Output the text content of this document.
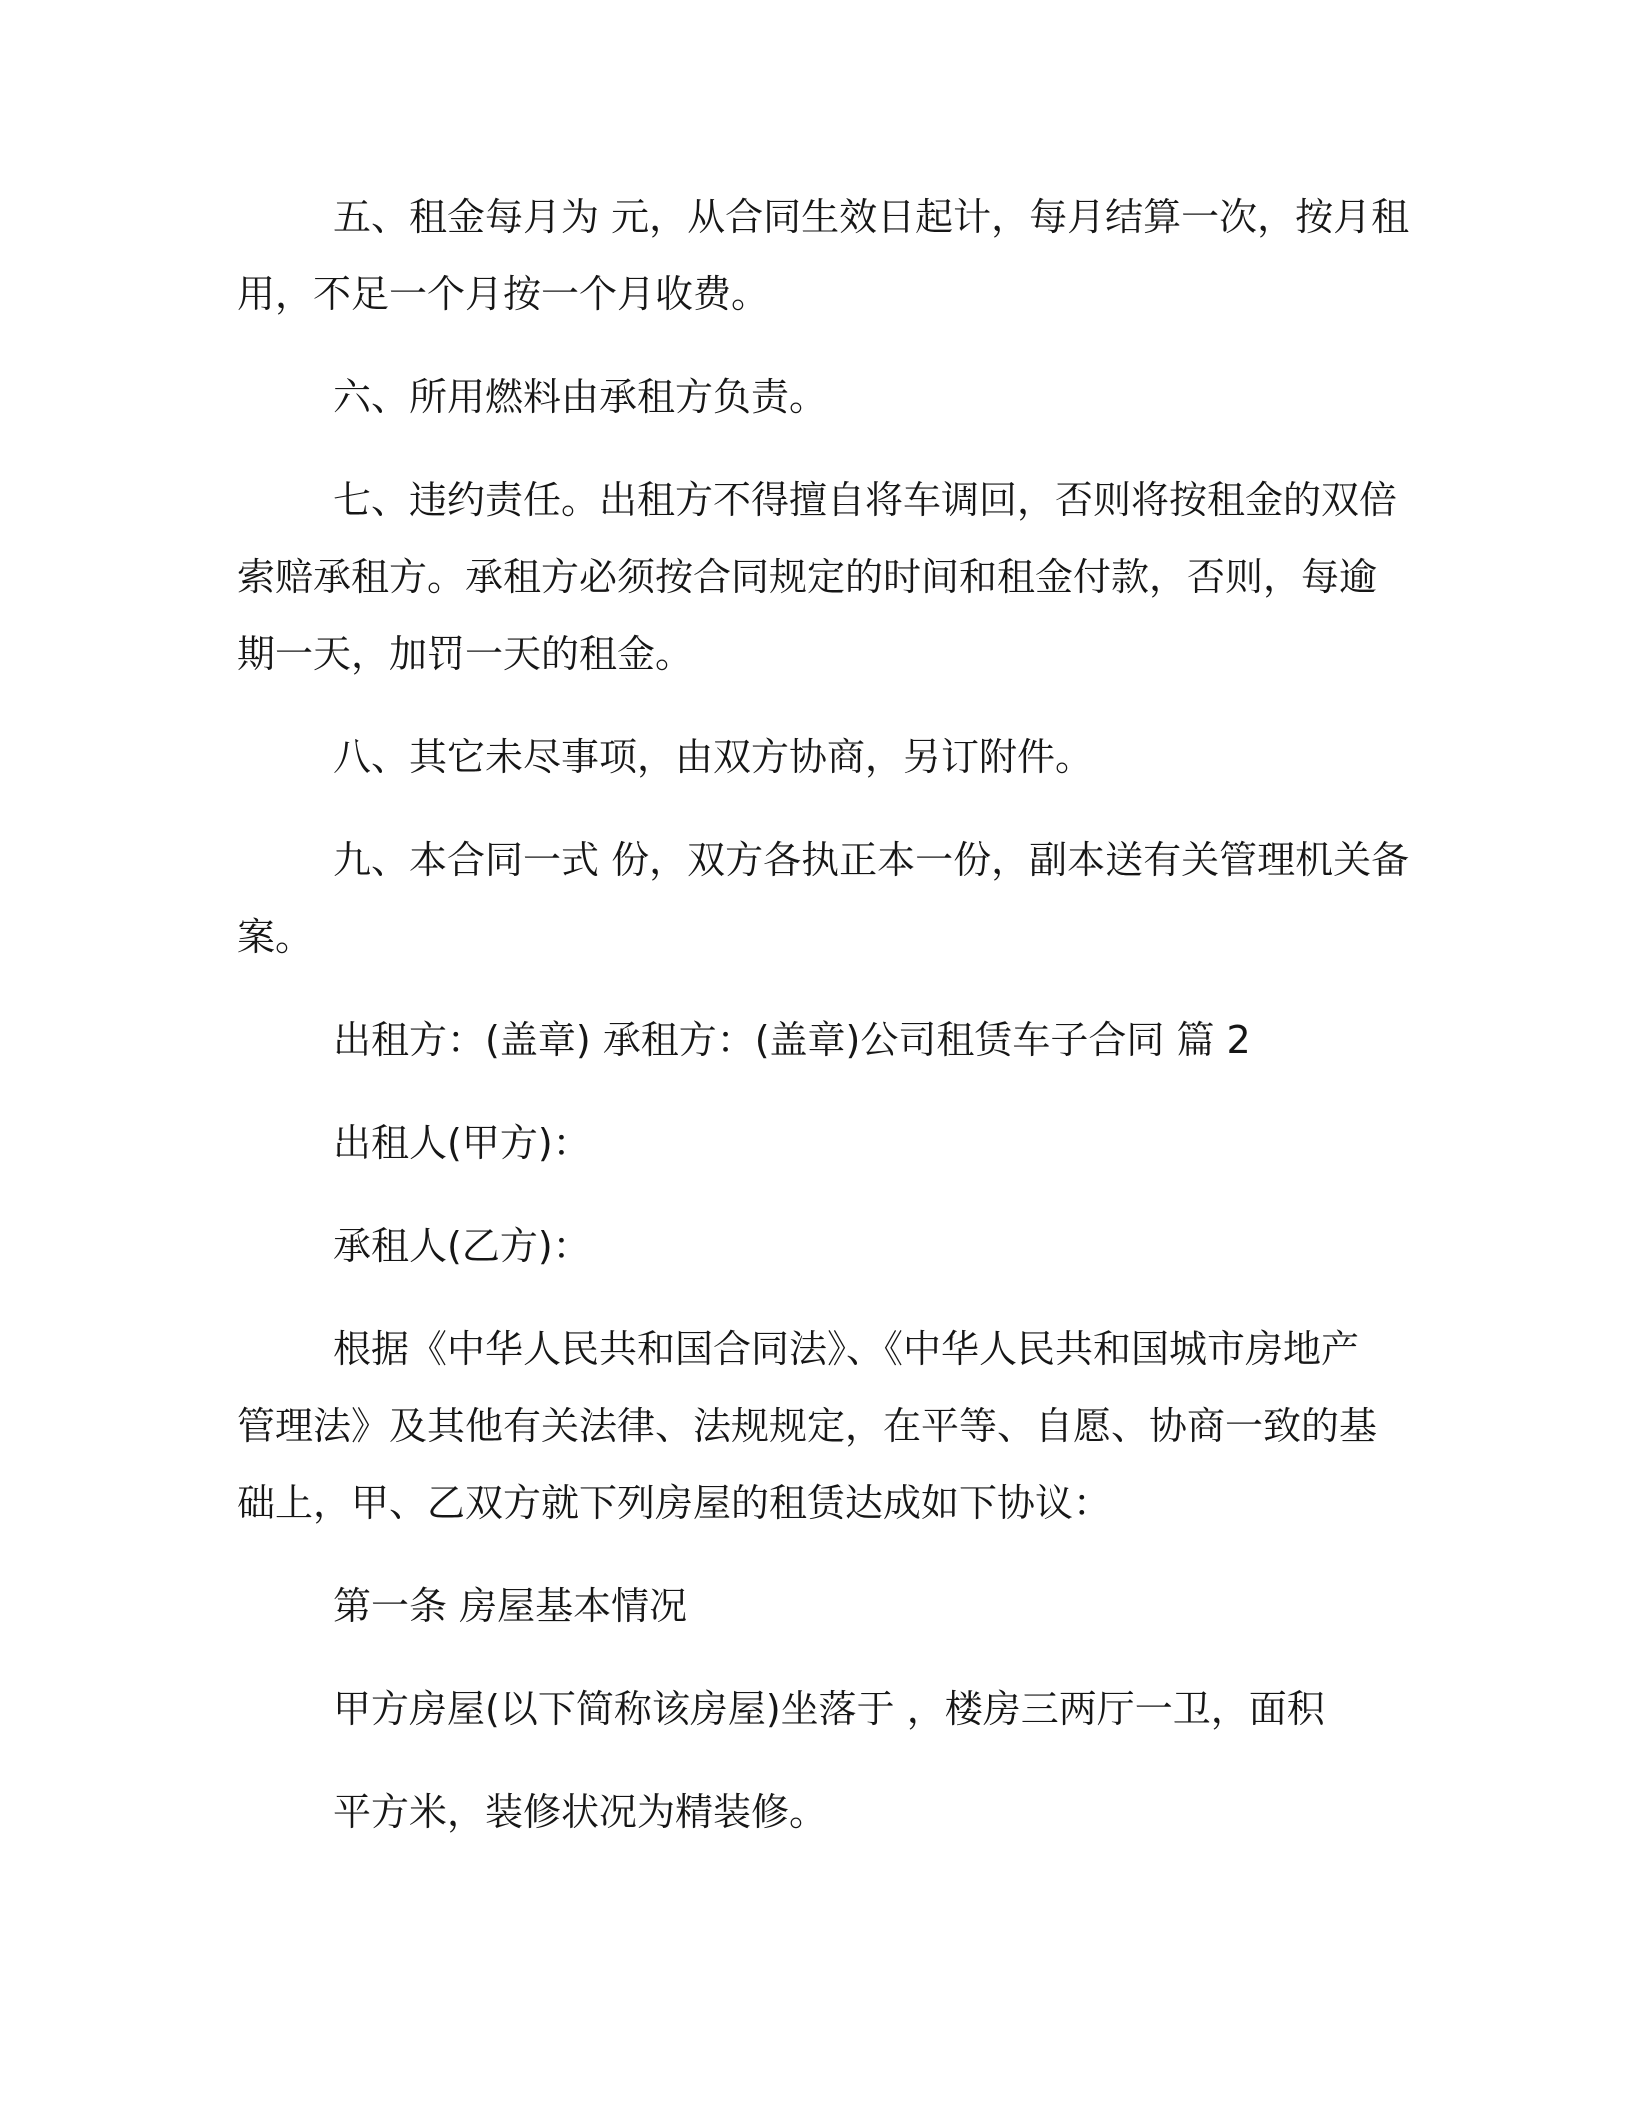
五、租金每月为 元，从合同生效日起计，每月结算一次，按月租
用，不足一个月按一个月收费。
六、所用燃料由承租方负责。
七、违约责任。出租方不得擅自将车调回，否则将按租金的双倍
索赔承租方。承租方必须按合同规定的时间和租金付款，否则，每逾
期一天，加罚一天的租金。
八、其它未尽事项，由双方协商，另订附件。
九、本合同一式 份，双方各执正本一份，副本送有关管理机关备
案。
出租方：(盖章) 承租方：(盖章)公司租赁车子合同 篇 2
出租人(甲方)：
承租人(乙方)：
根据《中华人民共和国合同法》、《中华人民共和国城市房地产
管理法》及其他有关法律、法规规定，在平等、自愿、协商一致的基
础上，甲、乙双方就下列房屋的租赁达成如下协议：
第一条 房屋基本情况
甲方房屋(以下简称该房屋)坐落于 ，楼房三两厅一卫，面积
平方米，装修状况为精装修。
